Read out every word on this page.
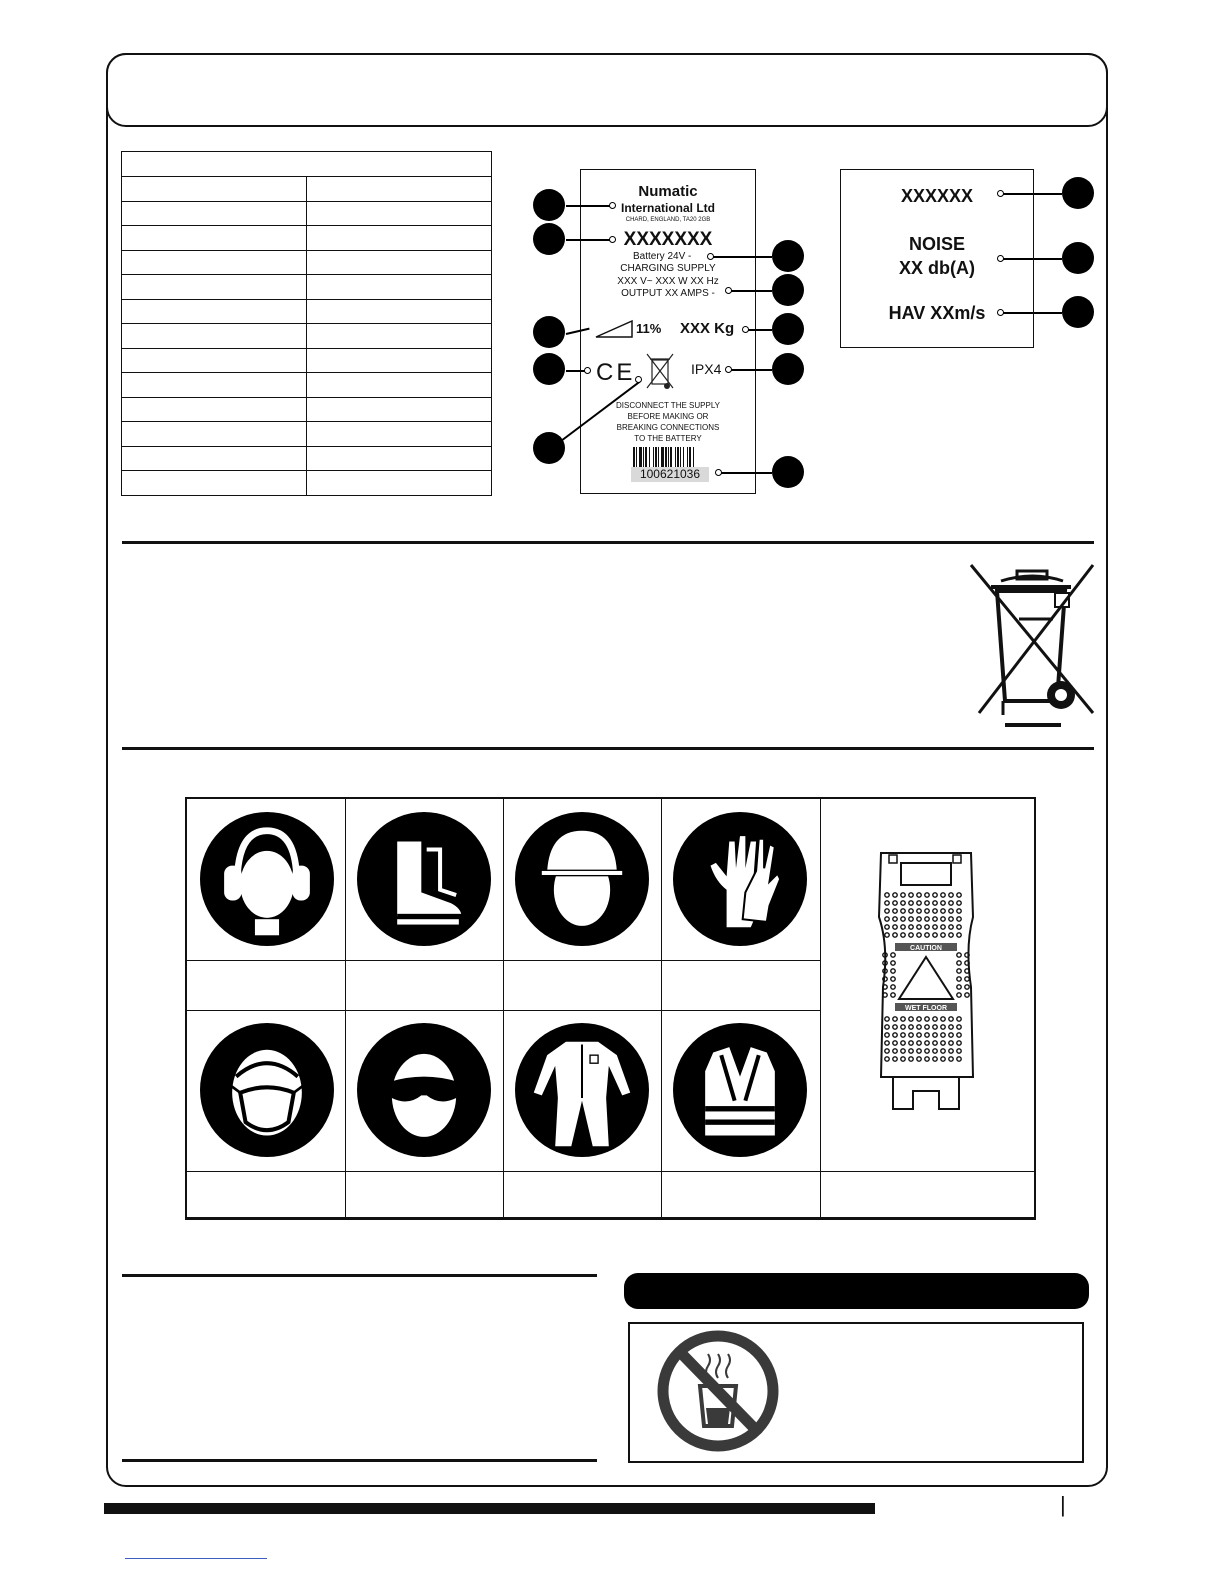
Numatic
International Ltd
CHARD, ENGLAND, TA20 2GB
XXXXXXX
Battery 24V -
CHARGING SUPPLY
XXX V~ XXX W XX Hz
OUTPUT XX AMPS -
11% XXX Kg
CE	IPX4
DISCONNECT THE SUPPLY
BEFORE MAKING OR
BREAKING CONNECTIONS
TO THE BATTERY
100621036
XXXXXX
NOISE
XX db(A)
HAV XXm/s
CAUTION
WET FLOOR
|
